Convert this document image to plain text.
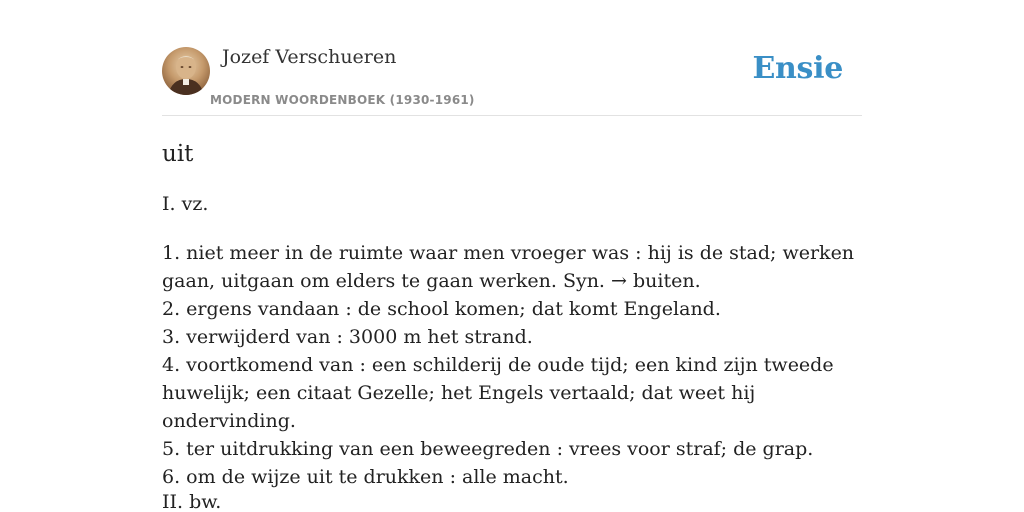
Jozef Verschueren
MODERN WOORDENBOEK (1930-1961)
Ensie
uit

I. vz.

1. niet meer in de ruimte waar men vroeger was : hij is de stad; werken gaan, uitgaan om elders te gaan werken. Syn. → buiten.
2. ergens vandaan : de school komen; dat komt Engeland.
3. verwijderd van : 3000 m het strand.
4. voortkomend van : een schilderij de oude tijd; een kind zijn tweede huwelijk; een citaat Gezelle; het Engels vertaald; dat weet hij ondervinding.
5. ter uitdrukking van een beweegreden : vrees voor straf; de grap.
6. om de wijze uit te drukken : alle macht.

II. bw.
